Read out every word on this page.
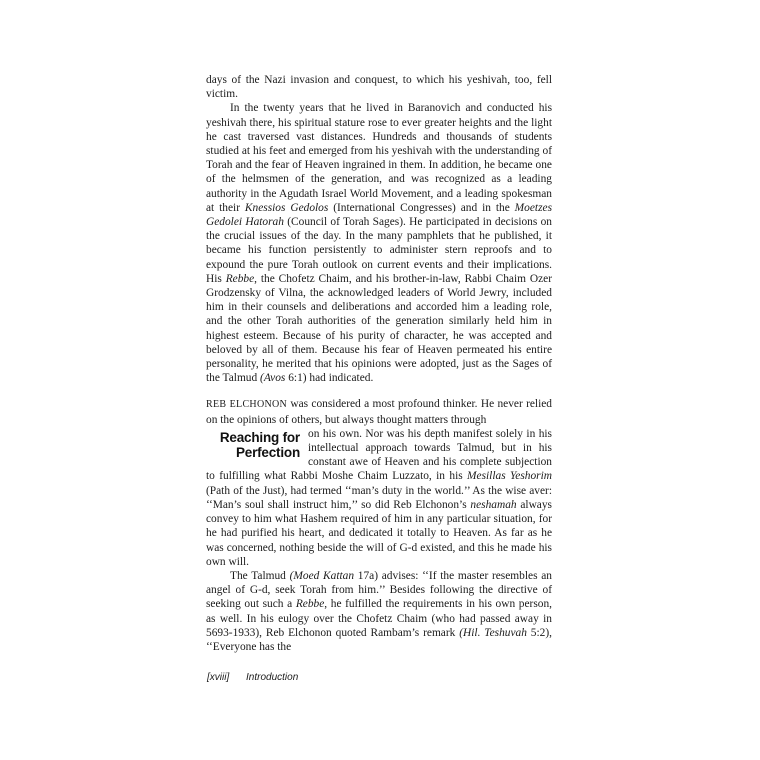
days of the Nazi invasion and conquest, to which his yeshivah, too, fell victim.

In the twenty years that he lived in Baranovich and conducted his yeshivah there, his spiritual stature rose to ever greater heights and the light he cast traversed vast distances. Hundreds and thousands of students studied at his feet and emerged from his yeshivah with the understanding of Torah and the fear of Heaven ingrained in them. In addition, he became one of the helmsmen of the generation, and was recognized as a leading authority in the Agudath Israel World Movement, and a leading spokesman at their Knessios Gedolos (International Congresses) and in the Moetzes Gedolei Hatorah (Council of Torah Sages). He participated in decisions on the crucial issues of the day. In the many pamphlets that he published, it became his function persistently to administer stern reproofs and to expound the pure Torah outlook on current events and their implications. His Rebbe, the Chofetz Chaim, and his brother-in-law, Rabbi Chaim Ozer Grodzensky of Vilna, the acknowledged leaders of World Jewry, included him in their counsels and deliberations and accorded him a leading role, and the other Torah authorities of the generation similarly held him in highest esteem. Because of his purity of character, he was accepted and beloved by all of them. Because his fear of Heaven permeated his entire personality, he merited that his opinions were adopted, just as the Sages of the Talmud (Avos 6:1) had indicated.

REB ELCHONON was considered a most profound thinker. He never relied on the opinions of others, but always thought matters through

Reaching for
Perfection

on his own. Nor was his depth manifest solely in his intellectual approach towards Talmud, but in his constant awe of Heaven and his complete subjection to fulfilling what Rabbi Moshe Chaim Luzzato, in his Mesillas Yeshorim (Path of the Just), had termed ‘‘man’s duty in the world.’’ As the wise aver: ‘‘Man’s soul shall instruct him,’’ so did Reb Elchonon’s neshamah always convey to him what Hashem required of him in any particular situation, for he had purified his heart, and dedicated it totally to Heaven. As far as he was concerned, nothing beside the will of G-d existed, and this he made his own will.

The Talmud (Moed Kattan 17a) advises: ‘‘If the master resembles an angel of G-d, seek Torah from him.’’ Besides following the directive of seeking out such a Rebbe, he fulfilled the requirements in his own person, as well. In his eulogy over the Chofetz Chaim (who had passed away in 5693-1933), Reb Elchonon quoted Rambam’s remark (Hil. Teshuvah 5:2), ‘‘Everyone has the

[xviii] Introduction
